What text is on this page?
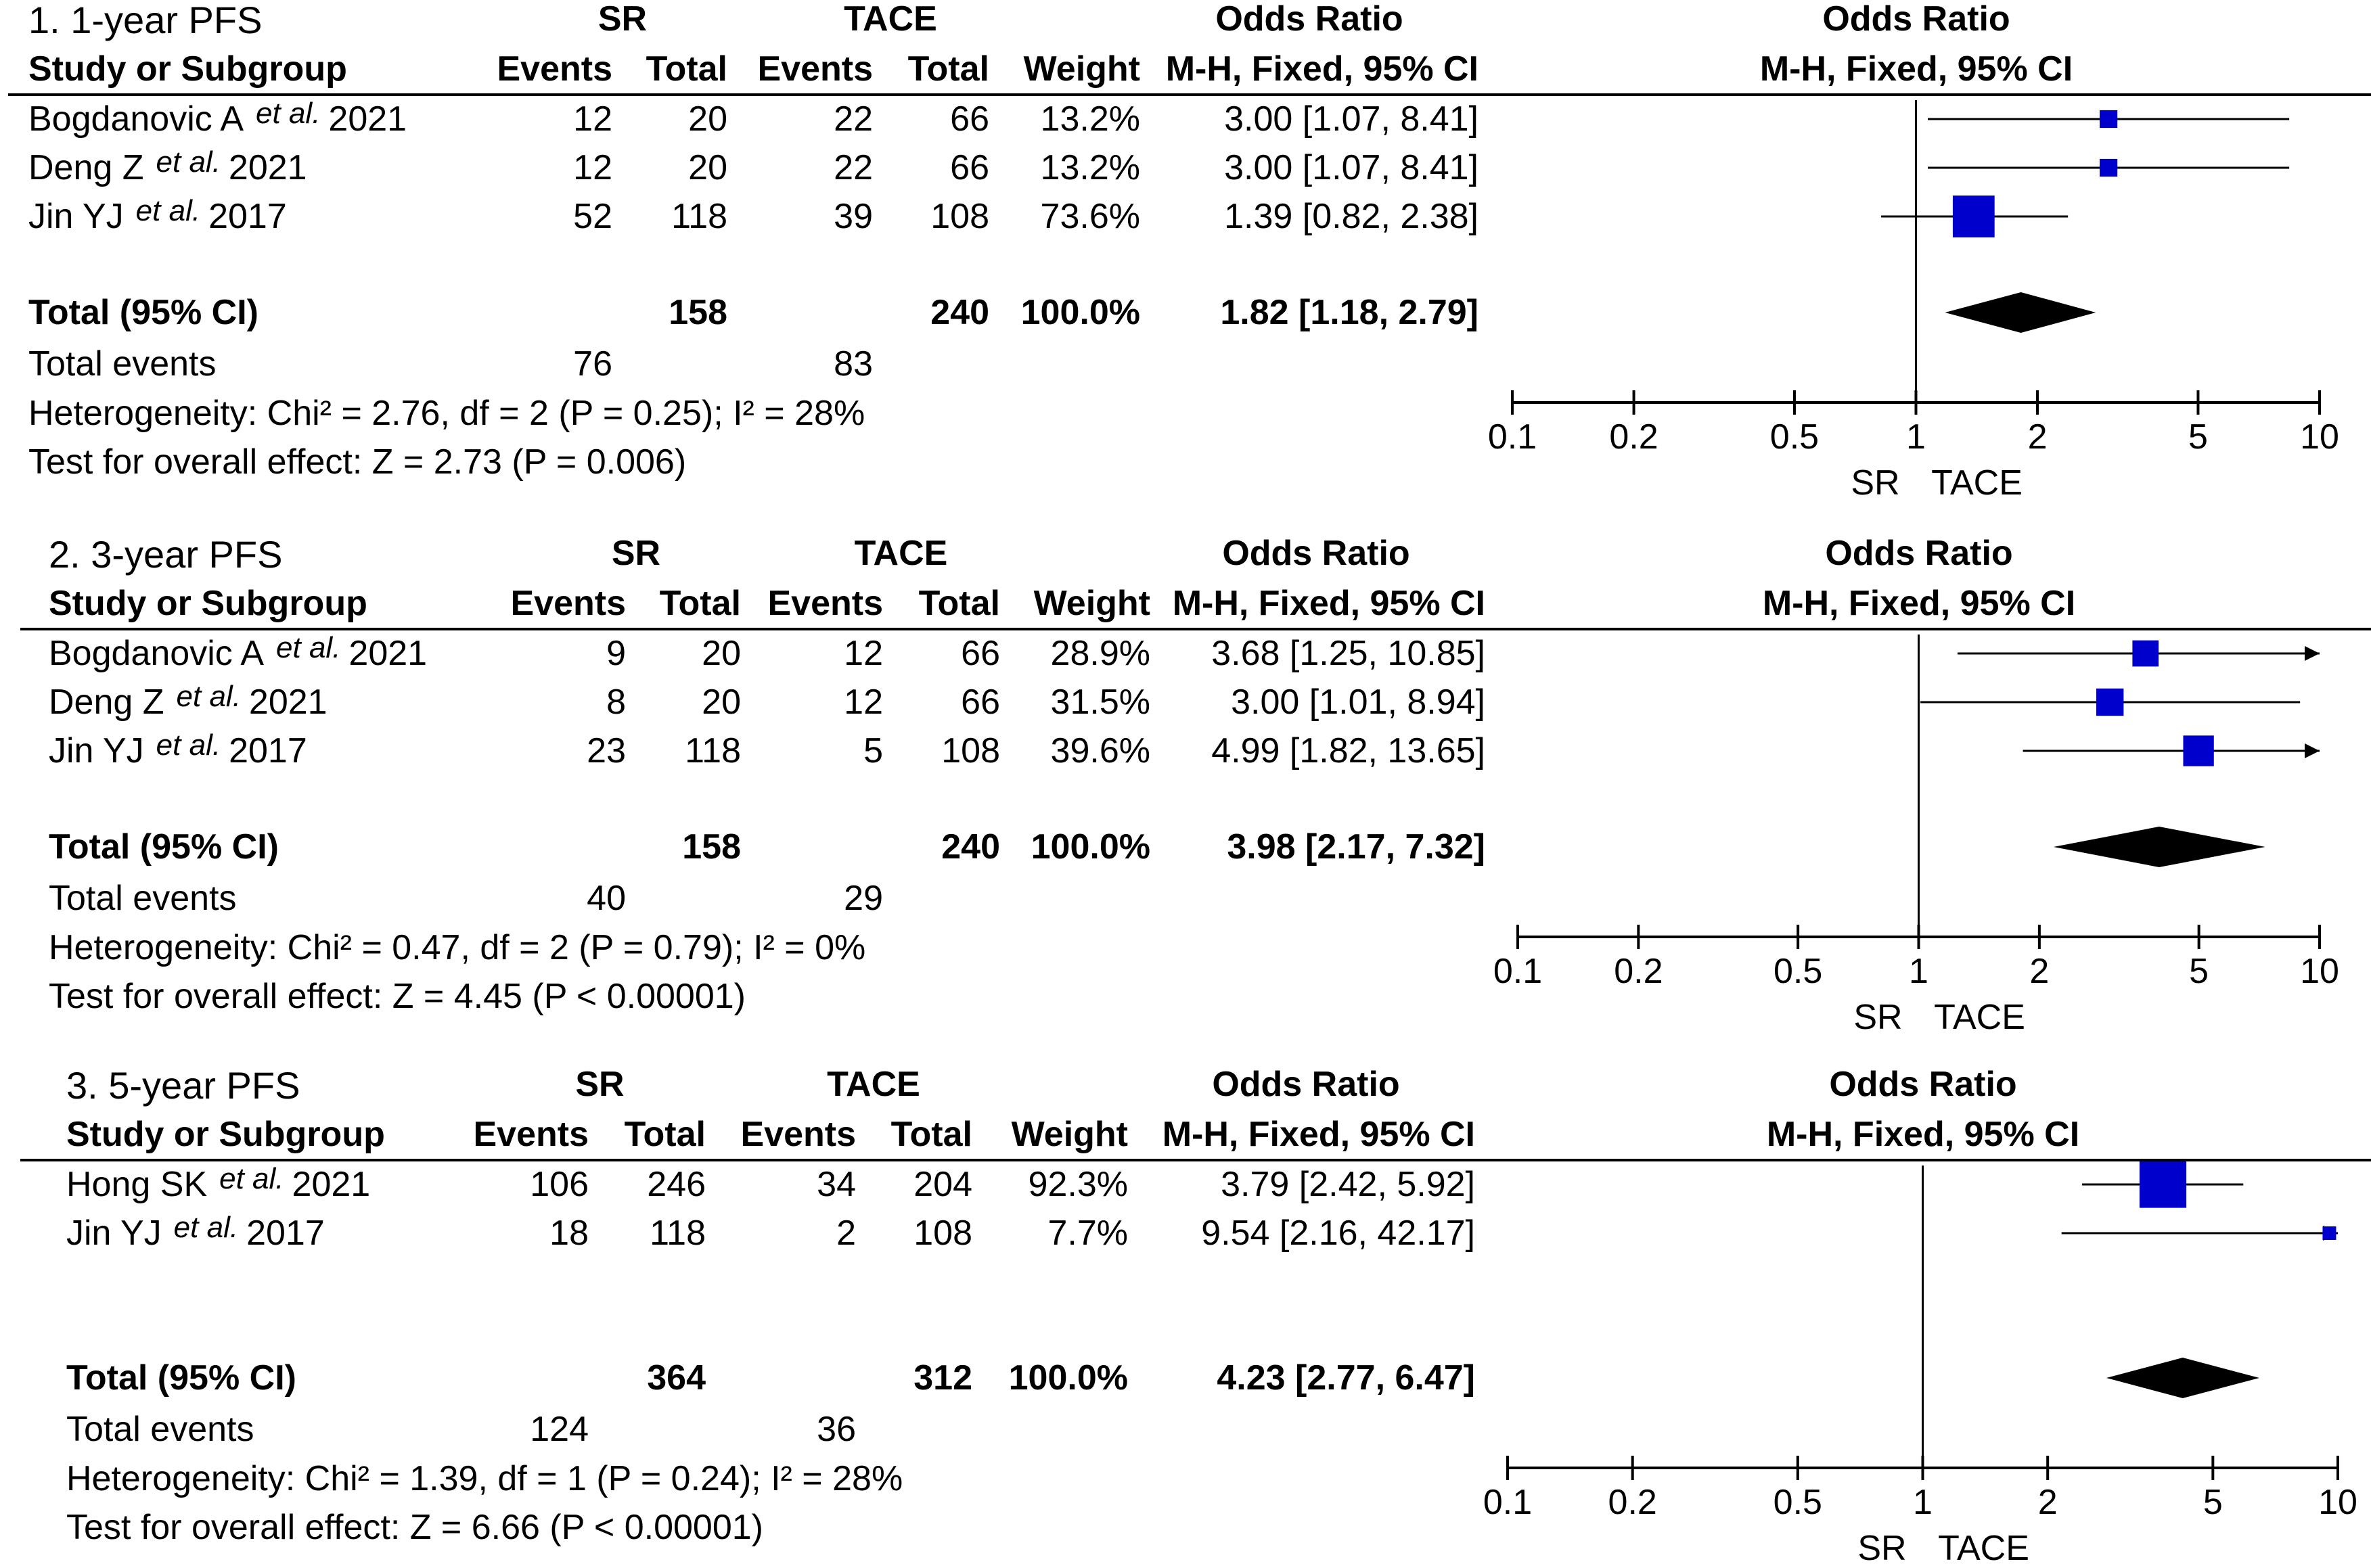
1. 1-year PFS	SR	TACE	Odds Ratio	Odds Ratio
Study or Subgroup	Events Total Events Total Weight M-H, Fixed, 95% CI	M-H, Fixed, 95% CI
Bogdanovic A et al. 2021	12 20	22 66 13.2% 3.00 [1.07, 8.41]
Deng Z et al. 2021	12 20	22 66 13.2% 3.00 [1.07, 8.41]
Jin YJ et al. 2017	52 118	39 108 73.6% 1.39 [0.82, 2.38]
Total (95% CI)	158	240 100.0% 1.82 [1.18, 2.79]
Total events	76	83
Heterogeneity: Chi² = 2.76, df = 2 (P = 0.25); I² = 28%
Test for overall effect: Z = 2.73 (P = 0.006)
0.1 0.2	0.5 1	2	5	10
SR TACE
2. 3-year PFS	SR	TACE	Odds Ratio	Odds Ratio
Study or Subgroup	Events Total Events Total Weight M-H, Fixed, 95% CI	M-H, Fixed, 95% CI
Bogdanovic A et al. 2021	9 20	12 66 28.9% 3.68 [1.25, 10.85]
Deng Z et al. 2021	8 20	12 66 31.5% 3.00 [1.01, 8.94]
Jin YJ et al. 2017	23 118	5 108 39.6% 4.99 [1.82, 13.65]
Total (95% CI)	158	240 100.0% 3.98 [2.17, 7.32]
Total events	40	29
Heterogeneity: Chi² = 0.47, df = 2 (P = 0.79); I² = 0%
Test for overall effect: Z = 4.45 (P < 0.00001)
0.1 0.2	0.5 1	2	5	10
SR TACE
3. 5-year PFS	SR	TACE	Odds Ratio	Odds Ratio
Study or Subgroup	Events Total Events Total Weight M-H, Fixed, 95% CI	M-H, Fixed, 95% CI
Hong SK et al. 2021	106 246	34 204 92.3%	3.79 [2.42, 5.92]
Jin YJ et al. 2017	18 118	2 108 7.7% 9.54 [2.16, 42.17]
Total (95% CI)	364	312 100.0%	4.23 [2.77, 6.47]
Total events	124	36
Heterogeneity: Chi² = 1.39, df = 1 (P = 0.24); I² = 28%
Test for overall effect: Z = 6.66 (P < 0.00001)
0.1 0.2	0.5	1	2	5	10
SR TACE
